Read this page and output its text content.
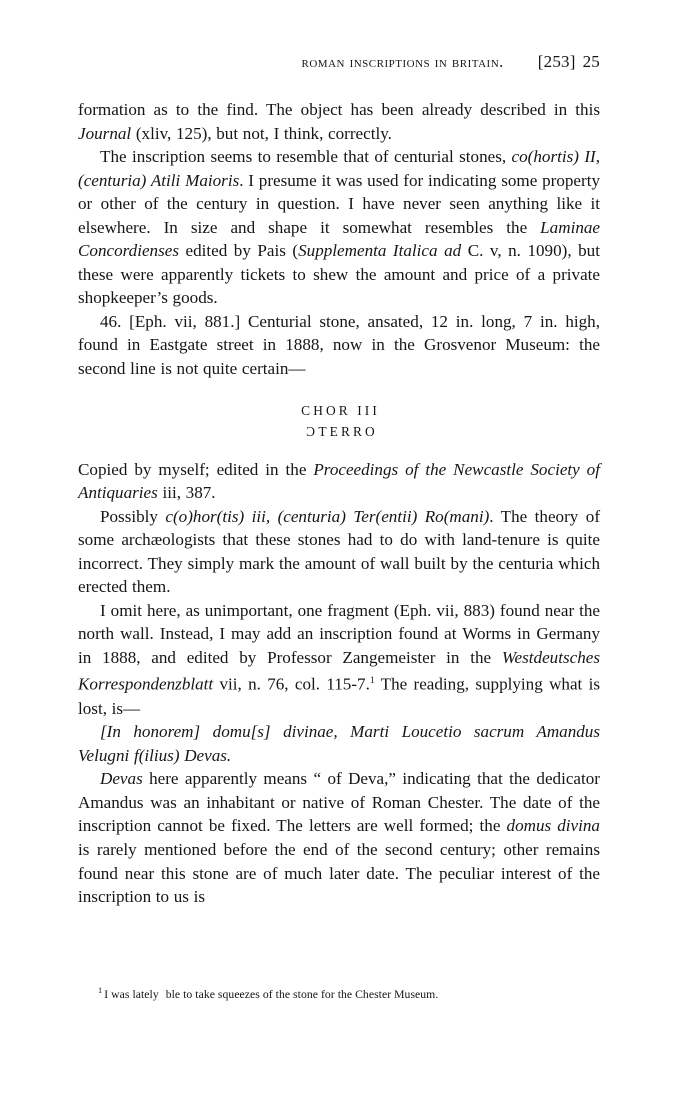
roman inscriptions in britain. [253] 25

formation as to the find. The object has been already described in this Journal (xliv, 125), but not, I think, correctly.

The inscription seems to resemble that of centurial stones, co(hortis) II, (centuria) Atili Maioris. I presume it was used for indicating some property or other of the century in question. I have never seen anything like it elsewhere. In size and shape it somewhat resembles the Laminae Concordienses edited by Pais (Supplementa Italica ad C. v, n. 1090), but these were apparently tickets to shew the amount and price of a private shopkeeper’s goods.

46. [Eph. vii, 881.] Centurial stone, ansated, 12 in. long, 7 in. high, found in Eastgate street in 1888, now in the Grosvenor Museum: the second line is not quite certain—

CHOR III
C TERRO

Copied by myself; edited in the Proceedings of the Newcastle Society of Antiquaries iii, 387.

Possibly c(o)hor(tis) iii, (centuria) Ter(entii) Ro(mani). The theory of some archæologists that these stones had to do with land-tenure is quite incorrect. They simply mark the amount of wall built by the centuria which erected them.

I omit here, as unimportant, one fragment (Eph. vii, 883) found near the north wall. Instead, I may add an inscription found at Worms in Germany in 1888, and edited by Professor Zangemeister in the Westdeutsches Korrespondenzblatt vii, n. 76, col. 115-7.$^1$ The reading, supplying what is lost, is—

[In honorem] domu[s] divinae, Marti Loucetio sacrum Amandus Velugni f(ilius) Devas.

Devas here apparently means “ of Deva,” indicating that the dedicator Amandus was an inhabitant or native of Roman Chester. The date of the inscription cannot be fixed. The letters are well formed; the domus divina is rarely mentioned before the end of the second century; other remains found near this stone are of much later date. The peculiar interest of the inscription to us is

$^1$ I was lately ble to take squeezes of the stone for the Chester Museum.
